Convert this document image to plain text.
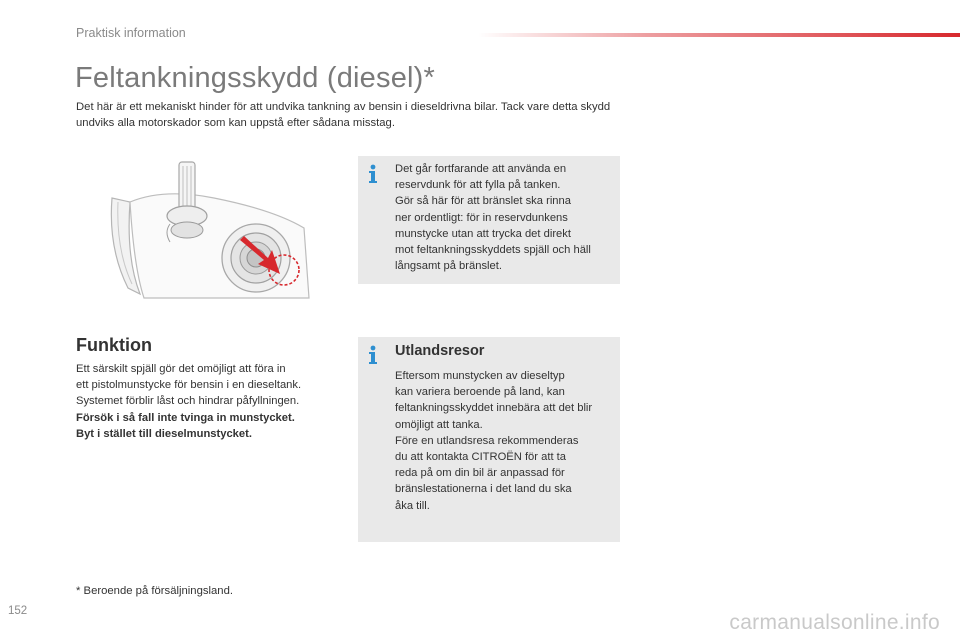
Praktisk information
Feltankningsskydd (diesel)*

Det här är ett mekaniskt hinder för att undvika tankning av bensin i dieseldrivna bilar. Tack vare detta skydd undviks alla motorskador som kan uppstå efter sådana misstag.

Det går fortfarande att använda en
reservdunk för att fylla på tanken.
Gör så här för att bränslet ska rinna
ner ordentligt: för in reservdunkens
munstycke utan att trycka det direkt
mot feltankningsskyddets spjäll och häll
långsamt på bränslet.
Funktion

Ett särskilt spjäll gör det omöjligt att föra in

ett pistolmunstycke för bensin i en dieseltank.

Systemet förblir låst och hindrar påfyllningen.

Försök i så fall inte tvinga in munstycket.

Byt i stället till dieselmunstycket.

Utlandsresor
Eftersom munstycken av dieseltyp
kan variera beroende på land, kan
feltankningsskyddet innebära att det blir
omöjligt att tanka.
Före en utlandsresa rekommenderas
du att kontakta CITROËN för att ta
reda på om din bil är anpassad för
bränslestationerna i det land du ska
åka till.
* Beroende på försäljningsland.
152	carmanualsonline.info
